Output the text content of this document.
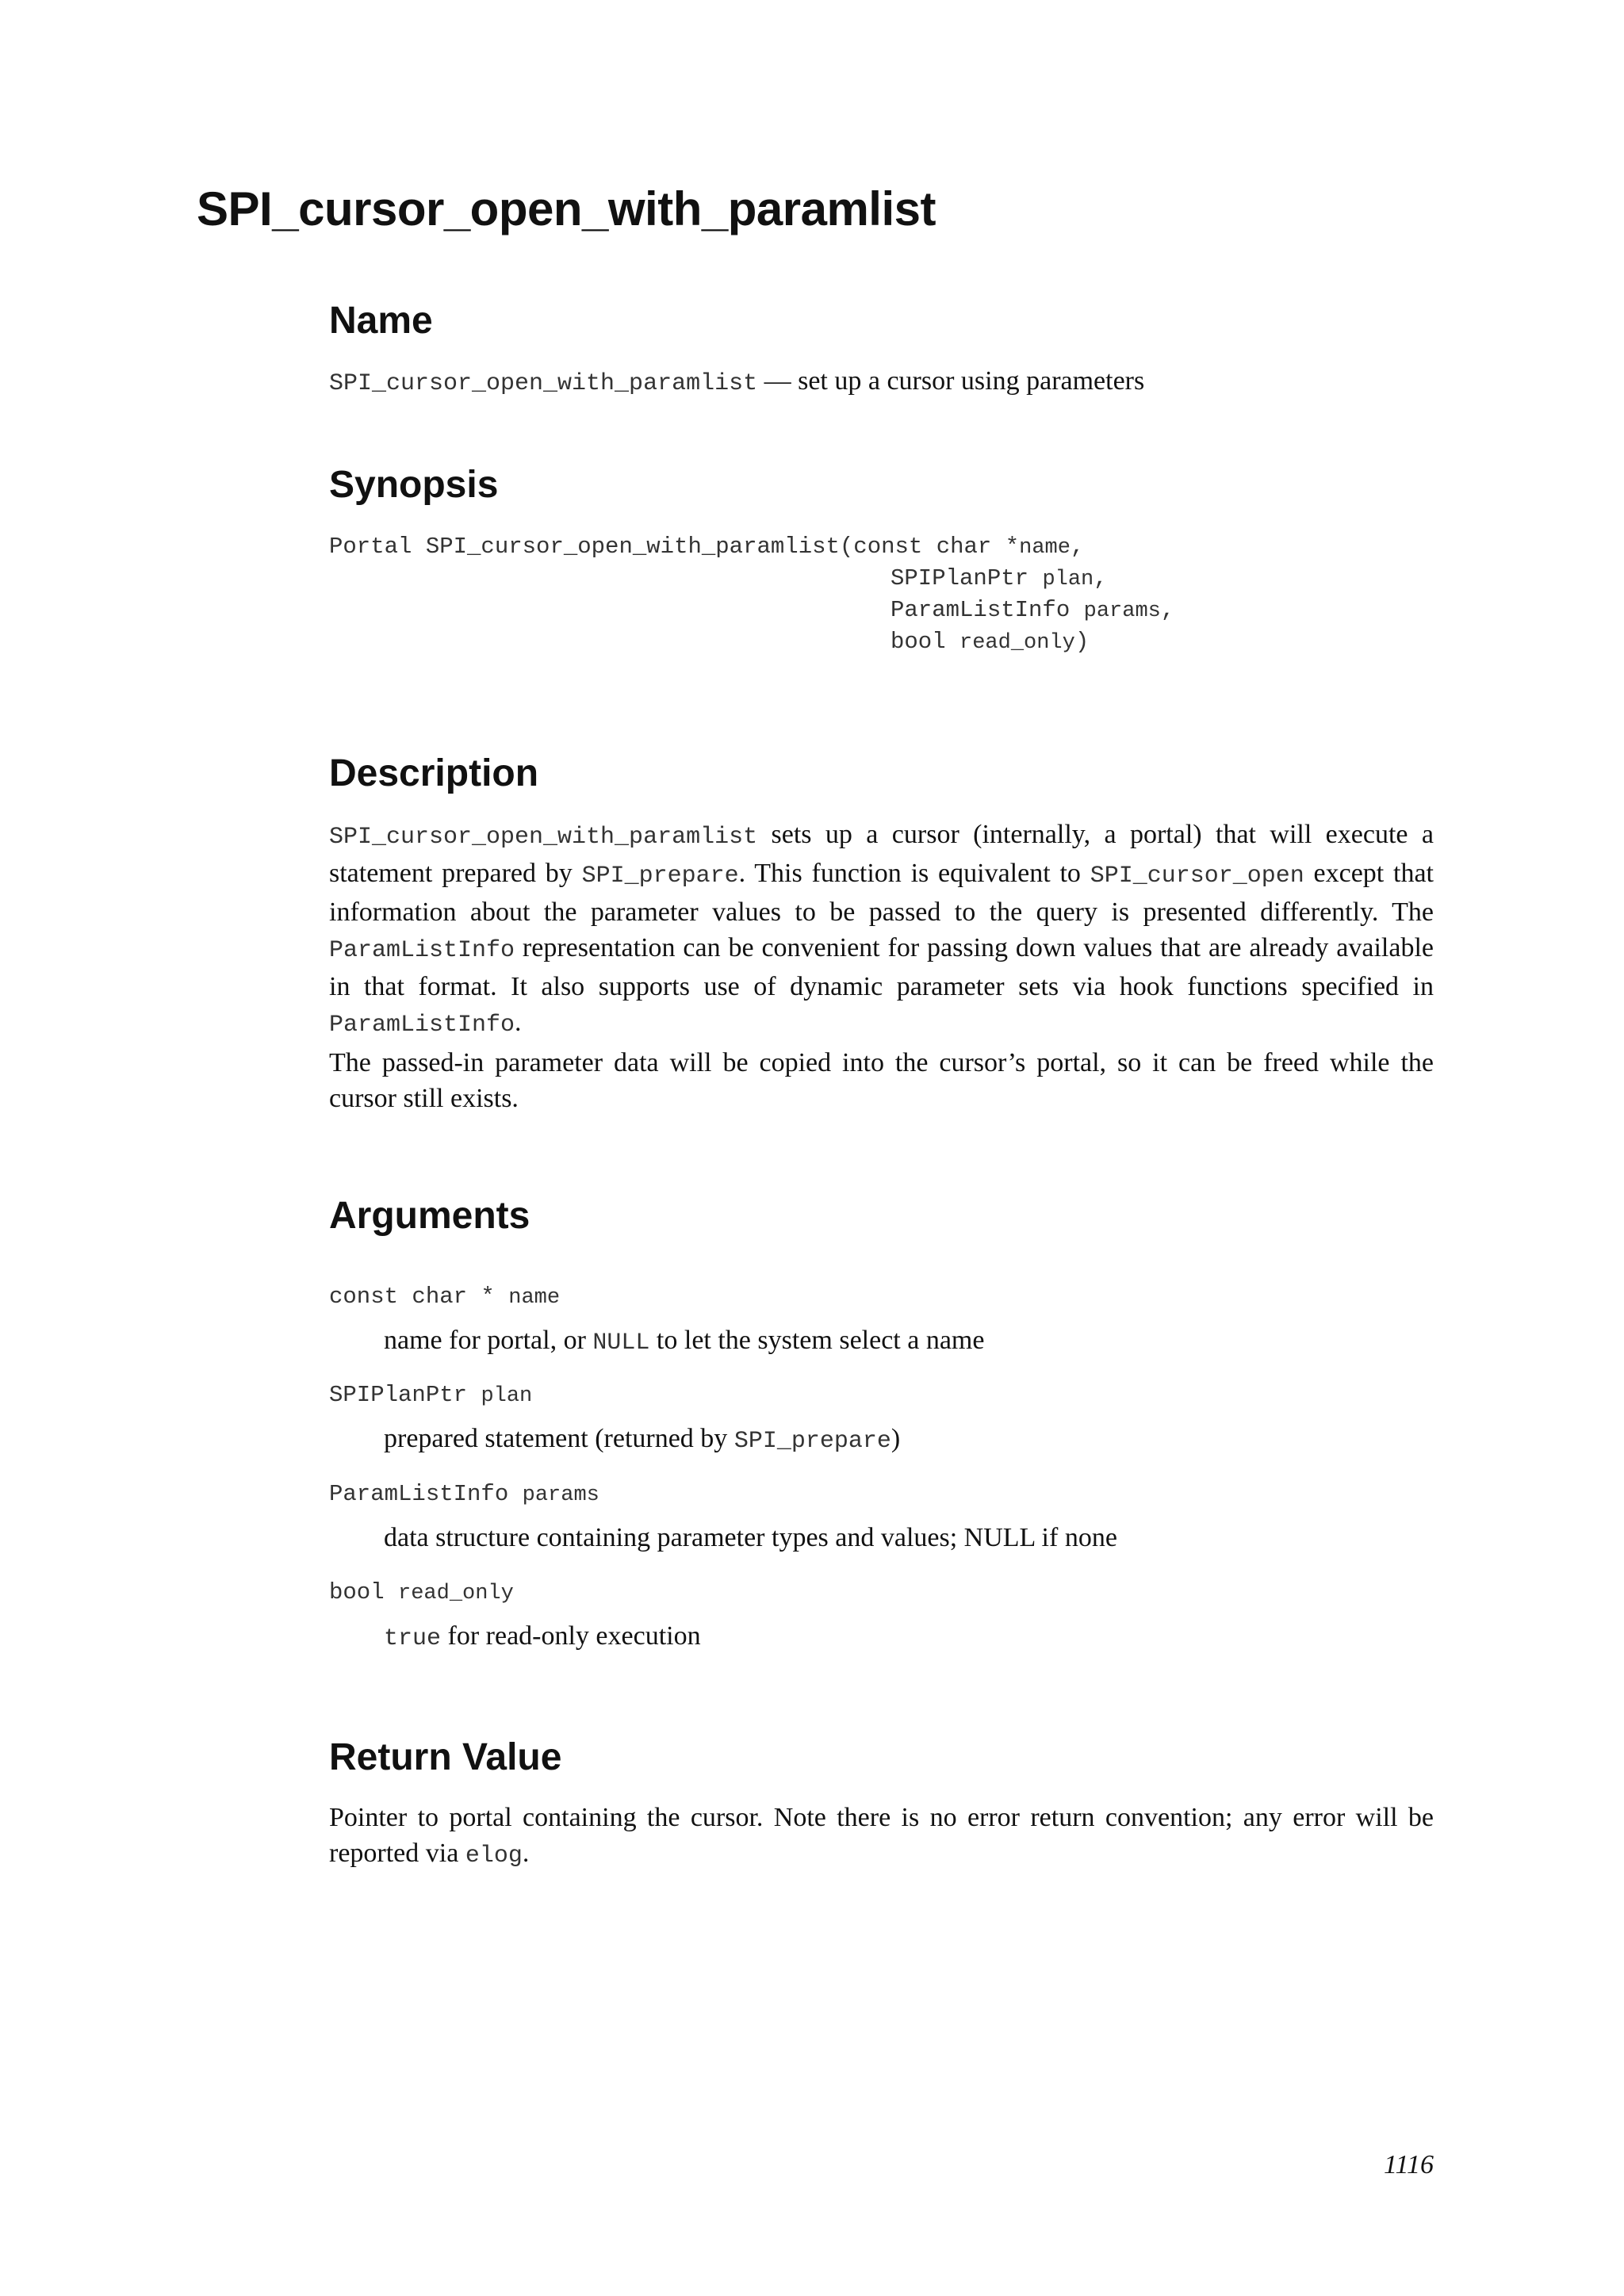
SPI_cursor_open_with_paramlist
Name
SPI_cursor_open_with_paramlist — set up a cursor using parameters
Synopsis
Portal SPI_cursor_open_with_paramlist(const char *name,
SPIPlanPtr plan,
ParamListInfo params,
bool read_only)
Description
SPI_cursor_open_with_paramlist sets up a cursor (internally, a portal) that will execute a statement prepared by SPI_prepare. This function is equivalent to SPI_cursor_open except that information about the parameter values to be passed to the query is presented differently. The ParamListInfo representation can be convenient for passing down values that are already available in that format. It also supports use of dynamic parameter sets via hook functions specified in ParamListInfo.

The passed-in parameter data will be copied into the cursor’s portal, so it can be freed while the cursor still exists.

Arguments
const char * name
name for portal, or NULL to let the system select a name
SPIPlanPtr plan
prepared statement (returned by SPI_prepare)
ParamListInfo params
data structure containing parameter types and values; NULL if none
bool read_only
true for read-only execution
Return Value
Pointer to portal containing the cursor. Note there is no error return convention; any error will be reported via elog.
1116
